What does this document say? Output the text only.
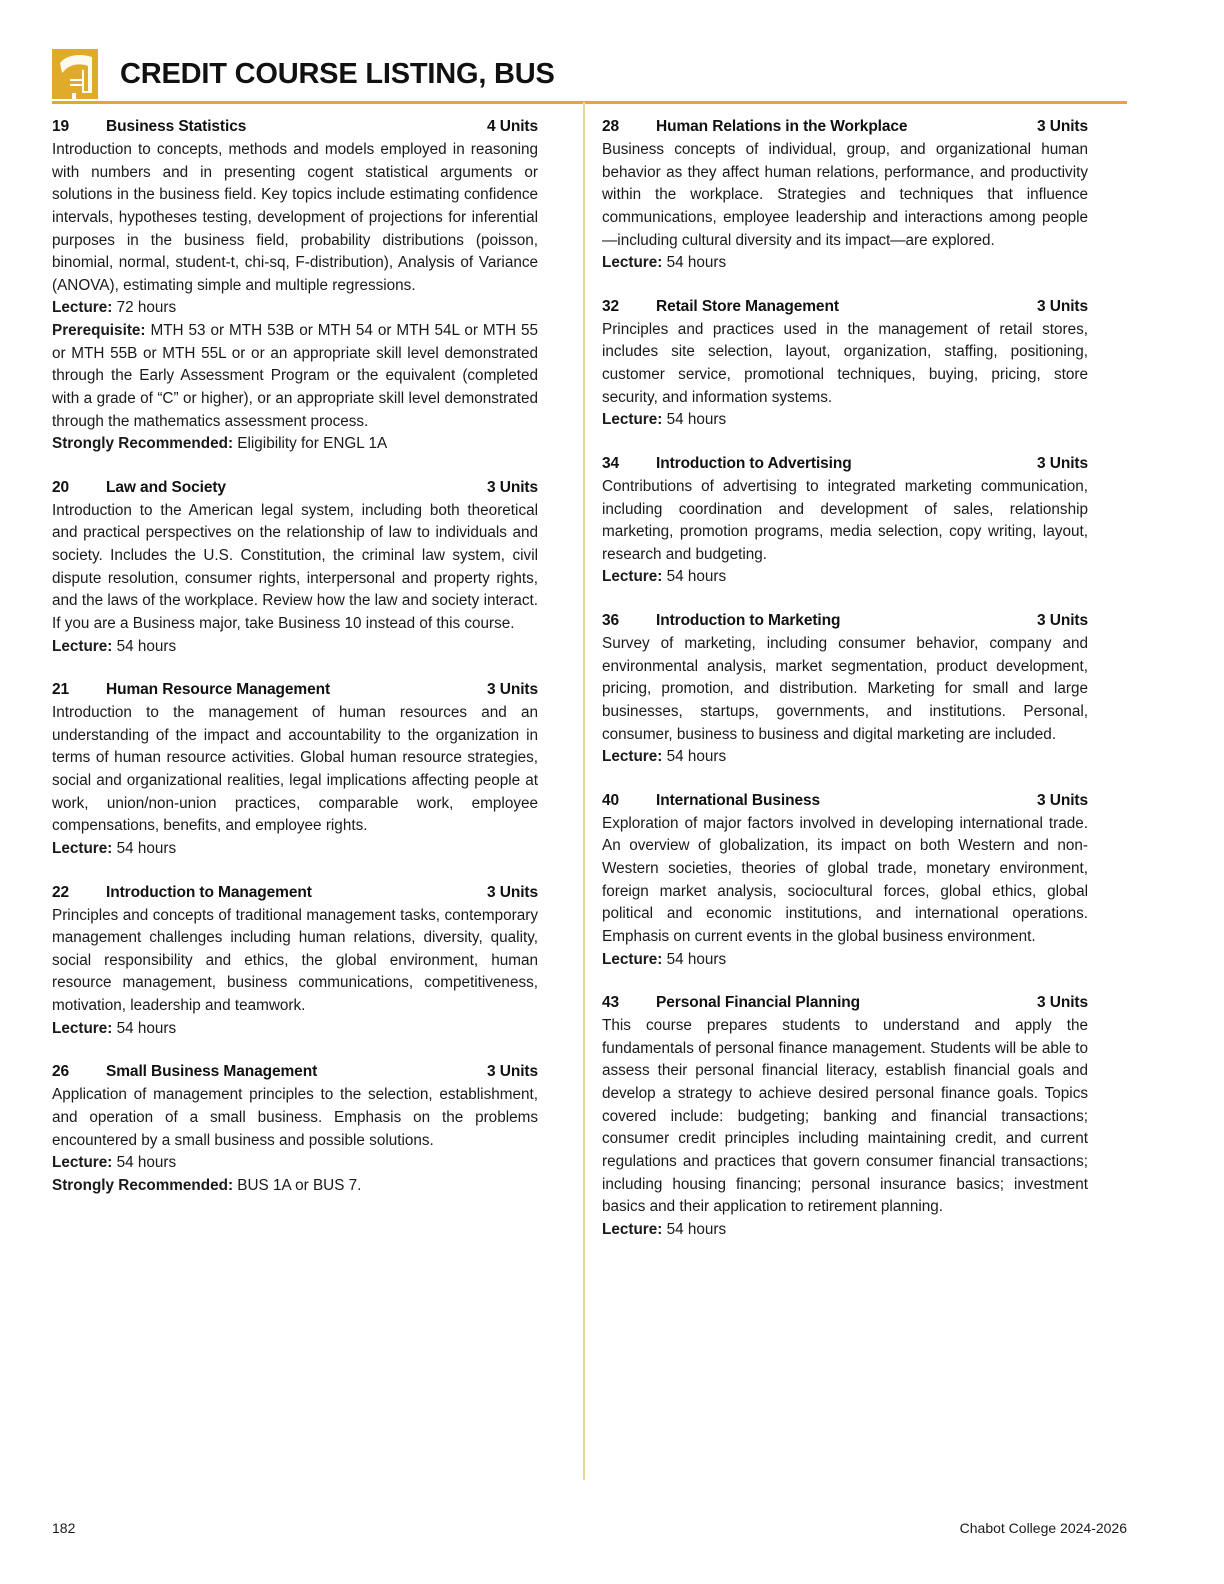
CREDIT COURSE LISTING, BUS
19	Business Statistics	4 Units

Introduction to concepts, methods and models employed in reasoning with numbers and in presenting cogent statistical arguments or solutions in the business field. Key topics include estimating confidence intervals, hypotheses testing, development of projections for inferential purposes in the business field, probability distributions (poisson, binomial, normal, student-t, chi-sq, F-distribution), Analysis of Variance (ANOVA), estimating simple and multiple regressions.

Lecture: 72 hours

Prerequisite: MTH 53 or MTH 53B or MTH 54 or MTH 54L or MTH 55 or MTH 55B or MTH 55L or or an appropriate skill level demonstrated through the Early Assessment Program or the equivalent (completed with a grade of “C” or higher), or an appropriate skill level demonstrated through the mathematics assessment process.

Strongly Recommended: Eligibility for ENGL 1A

20	Law and Society	3 Units

Introduction to the American legal system, including both theoretical and practical perspectives on the relationship of law to individuals and society. Includes the U.S. Constitution, the criminal law system, civil dispute resolution, consumer rights, interpersonal and property rights, and the laws of the workplace. Review how the law and society interact. If you are a Business major, take Business 10 instead of this course.

Lecture: 54 hours

21	Human Resource Management	3 Units

Introduction to the management of human resources and an understanding of the impact and accountability to the organization in terms of human resource activities. Global human resource strategies, social and organizational realities, legal implications affecting people at work, union/non-union practices, comparable work, employee compensations, benefits, and employee rights.

Lecture: 54 hours

22	Introduction to Management	3 Units

Principles and concepts of traditional management tasks, contemporary management challenges including human relations, diversity, quality, social responsibility and ethics, the global environment, human resource management, business communications, competitiveness, motivation, leadership and teamwork.

Lecture: 54 hours

26	Small Business Management	3 Units

Application of management principles to the selection, establishment, and operation of a small business. Emphasis on the problems encountered by a small business and possible solutions.

Lecture: 54 hours

Strongly Recommended: BUS 1A or BUS 7.

28	Human Relations in the Workplace	3 Units

Business concepts of individual, group, and organizational human behavior as they affect human relations, performance, and productivity within the workplace. Strategies and techniques that influence communications, employee leadership and interactions among people—including cultural diversity and its impact—are explored.

Lecture: 54 hours

32	Retail Store Management	3 Units

Principles and practices used in the management of retail stores, includes site selection, layout, organization, staffing, positioning, customer service, promotional techniques, buying, pricing, store security, and information systems.

Lecture: 54 hours

34	Introduction to Advertising	3 Units

Contributions of advertising to integrated marketing communication, including coordination and development of sales, relationship marketing, promotion programs, media selection, copy writing, layout, research and budgeting.

Lecture: 54 hours

36	Introduction to Marketing	3 Units

Survey of marketing, including consumer behavior, company and environmental analysis, market segmentation, product development, pricing, promotion, and distribution. Marketing for small and large businesses, startups, governments, and institutions. Personal, consumer, business to business and digital marketing are included.

Lecture: 54 hours

40	International Business	3 Units

Exploration of major factors involved in developing international trade. An overview of globalization, its impact on both Western and non-Western societies, theories of global trade, monetary environment, foreign market analysis, sociocultural forces, global ethics, global political and economic institutions, and international operations. Emphasis on current events in the global business environment.

Lecture: 54 hours

43	Personal Financial Planning	3 Units

This course prepares students to understand and apply the fundamentals of personal finance management. Students will be able to assess their personal financial literacy, establish financial goals and develop a strategy to achieve desired personal finance goals. Topics covered include: budgeting; banking and financial transactions; consumer credit principles including maintaining credit, and current regulations and practices that govern consumer financial transactions; including housing financing; personal insurance basics; investment basics and their application to retirement planning.

Lecture: 54 hours

182	Chabot College 2024-2026
